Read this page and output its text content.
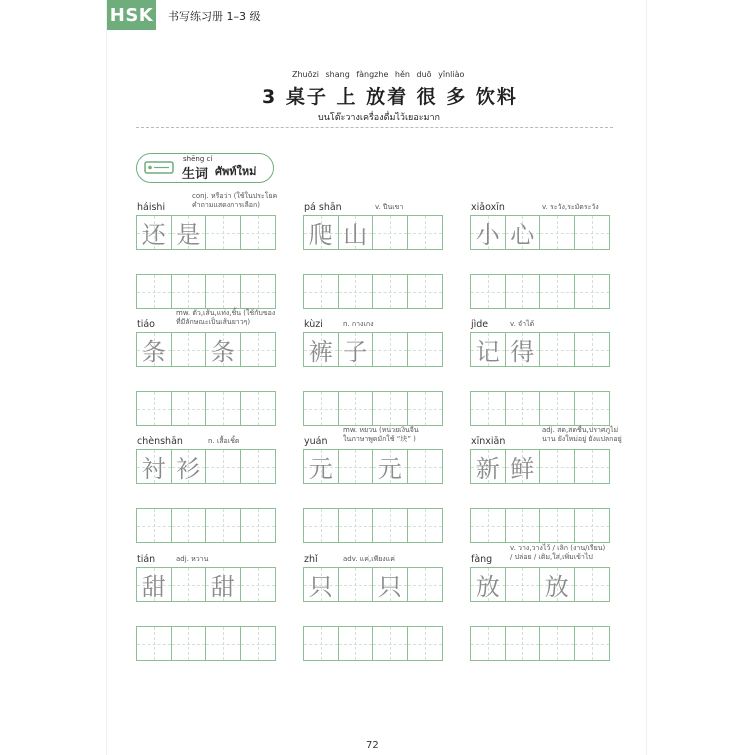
HSK 书写练习册 1–3 级
Zhuōzi shang fàngzhe hěn duō yǐnliào
3 桌子 上 放着 很 多 饮料
บนโต๊ะวางเครื่องดื่มไว้เยอะมาก
shēng cí
生词 ศัพท์ใหม่
háishi
conj. หรือว่า (ใช้ในประโยค
คำถามแสดงการเลือก)
还 是
pá shān	v. ปีนเขา
爬 山
xiǎoxīn	v. ระวัง,ระมัดระวัง
小 心
tiáo
mw. ตัว,เส้น,แท่ง,ชิ้น (ใช้กับของ
ที่มีลักษณะเป็นเส้นยาวๆ)
条 条
kùzi	n. กางเกง
裤 子
jìde	v. จำได้
记 得
chènshān	n. เสื้อเชิ้ต
衬 衫
yuán
mw. หยวน (หน่วยเงินจีน
ในภาษาพูดมักใช้ “块” )
元 元
xīnxiān
adj. สด,สดชื่น,ปราศภูไม่
นาน ยังใหม่อยู่ ยังแปลกอยู่
新 鲜
tián	adj. หวาน
甜 甜
zhǐ	adv. แค่,เพียงแค่
只 只
fàng
v. วาง,วางไว้ / เลิก (งาน/เรียน)
/ ปล่อย / เติม,ใส่,เพิ่มเข้าไป
放 放
72
